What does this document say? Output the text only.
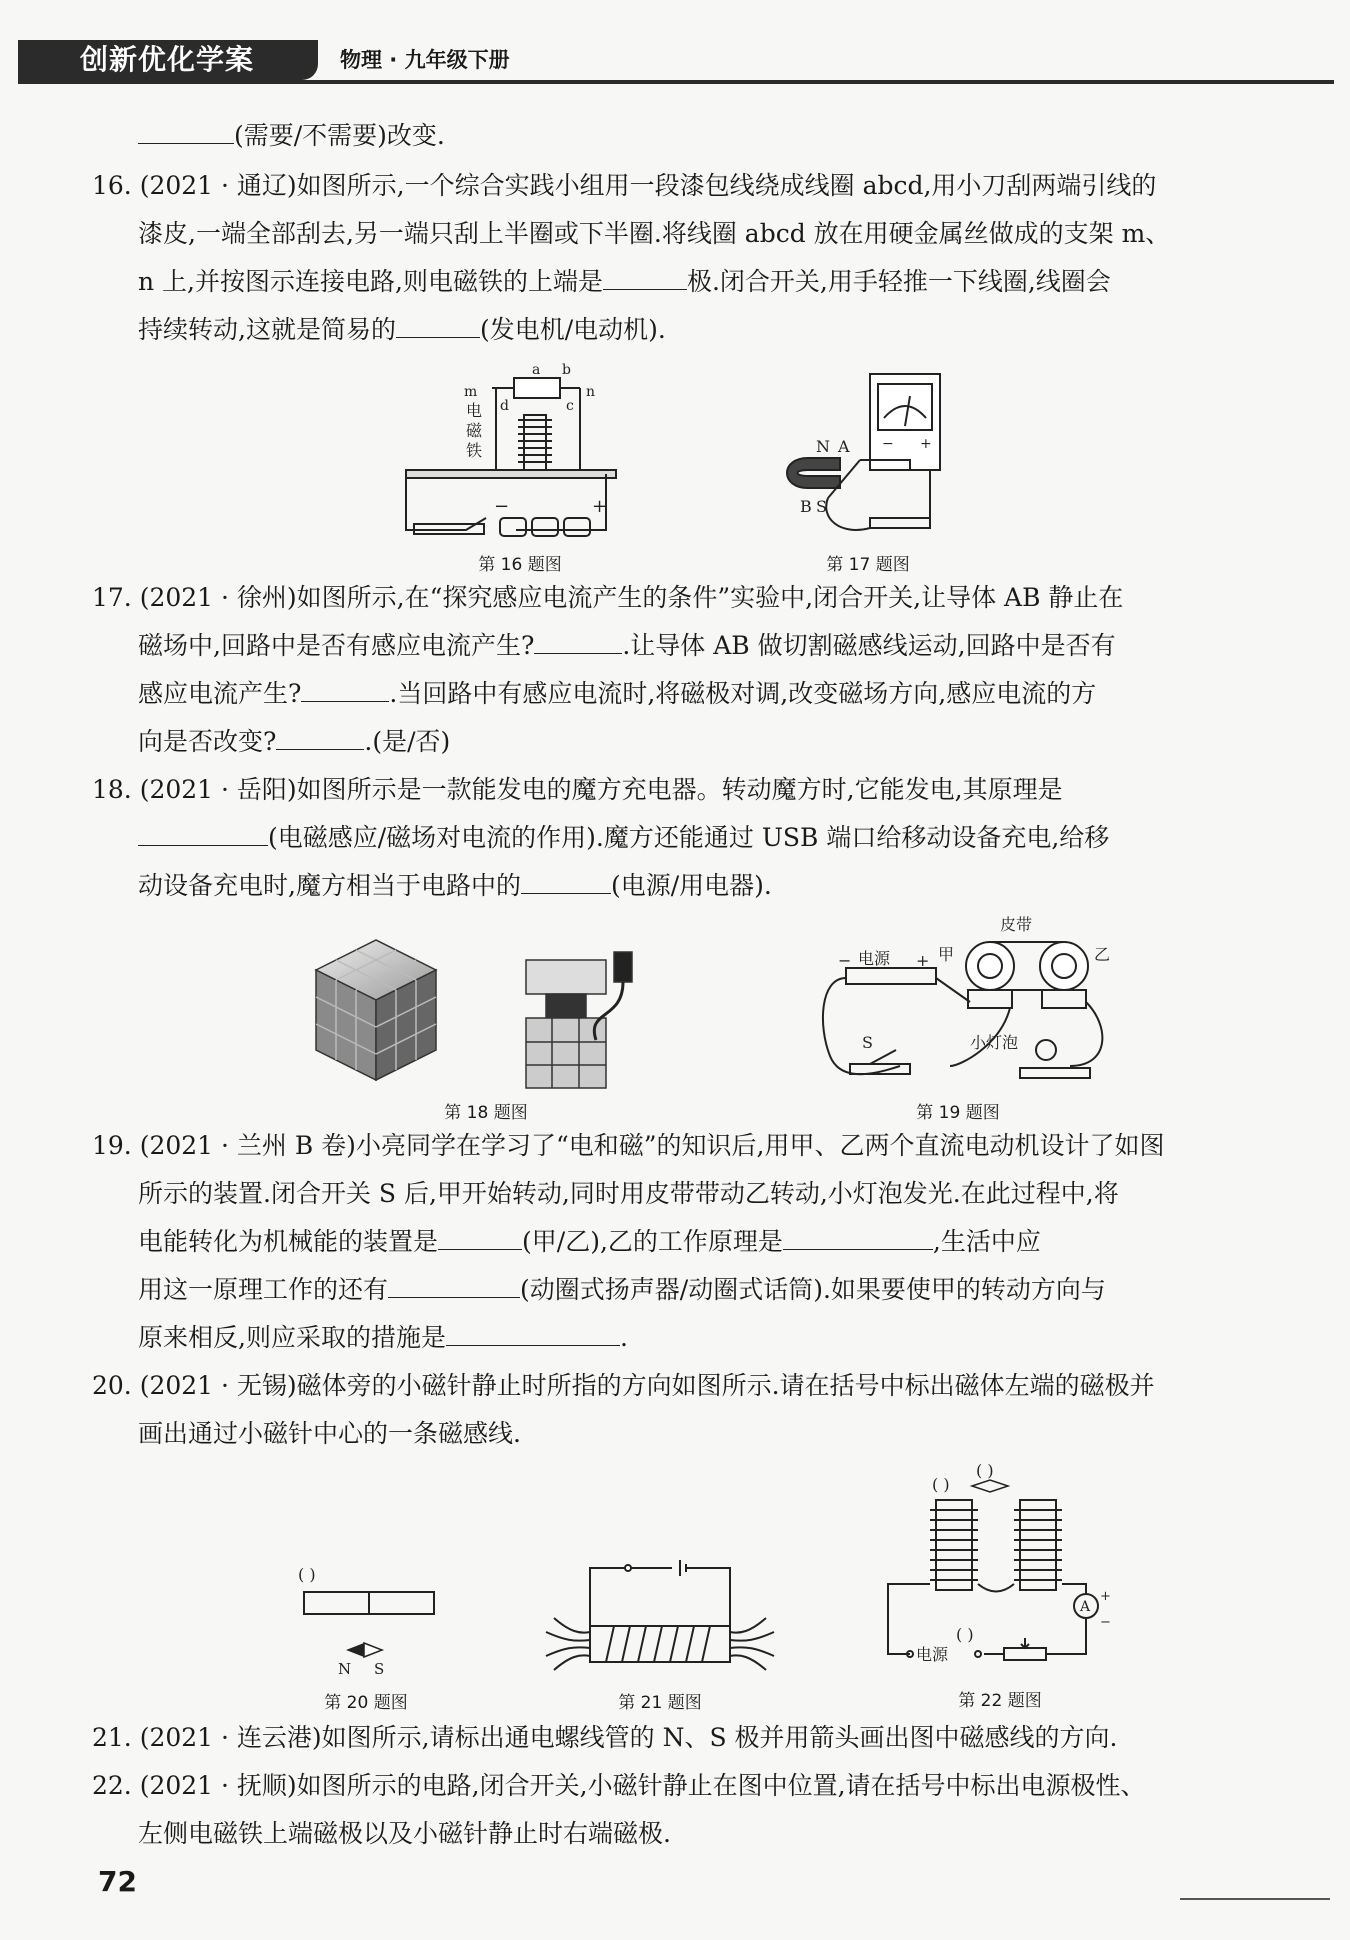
创新优化学案	物理 · 九年级下册

(需要/不需要)改变.

16. (2021 · 通辽)如图所示,一个综合实践小组用一段漆包线绕成线圈 abcd,用小刀刮两端引线的

漆皮,一端全部刮去,另一端只刮上半圈或下半圈.将线圈 abcd 放在用硬金属丝做成的支架 m、

n 上,并按图示连接电路,则电磁铁的上端是	极.闭合开关,用手轻推一下线圈,线圈会

持续转动,这就是简易的	(发电机/电动机).

a b
d	c
m	n
电
磁
铁
−	+
第 16 题图
− +
N A
B S
第 17 题图

17. (2021 · 徐州)如图所示,在“探究感应电流产生的条件”实验中,闭合开关,让导体 AB 静止在

磁场中,回路中是否有感应电流产生?	.让导体 AB 做切割磁感线运动,回路中是否有

感应电流产生?	.当回路中有感应电流时,将磁极对调,改变磁场方向,感应电流的方

向是否改变?	.(是/否)

18. (2021 · 岳阳)如图所示是一款能发电的魔方充电器。转动魔方时,它能发电,其原理是

(电磁感应/磁场对电流的作用).魔方还能通过 USB 端口给移动设备充电,给移

动设备充电时,魔方相当于电路中的	(电源/用电器).

第 18 题图
皮带
甲	乙
电源
−	+
S	小灯泡
第 19 题图

19. (2021 · 兰州 B 卷)小亮同学在学习了“电和磁”的知识后,用甲、乙两个直流电动机设计了如图

所示的装置.闭合开关 S 后,甲开始转动,同时用皮带带动乙转动,小灯泡发光.在此过程中,将

电能转化为机械能的装置是	(甲/乙),乙的工作原理是	,生活中应

用这一原理工作的还有	(动圈式扬声器/动圈式话筒).如果要使甲的转动方向与

原来相反,则应采取的措施是	.

20. (2021 · 无锡)磁体旁的小磁针静止时所指的方向如图所示.请在括号中标出磁体左端的磁极并

画出通过小磁针中心的一条磁感线.

( )
N S
第 20 题图	第 21 题图
( )
( )
A
+
−
电源
( )
第 22 题图

21. (2021 · 连云港)如图所示,请标出通电螺线管的 N、S 极并用箭头画出图中磁感线的方向.

22. (2021 · 抚顺)如图所示的电路,闭合开关,小磁针静止在图中位置,请在括号中标出电源极性、

左侧电磁铁上端磁极以及小磁针静止时右端磁极.

72
